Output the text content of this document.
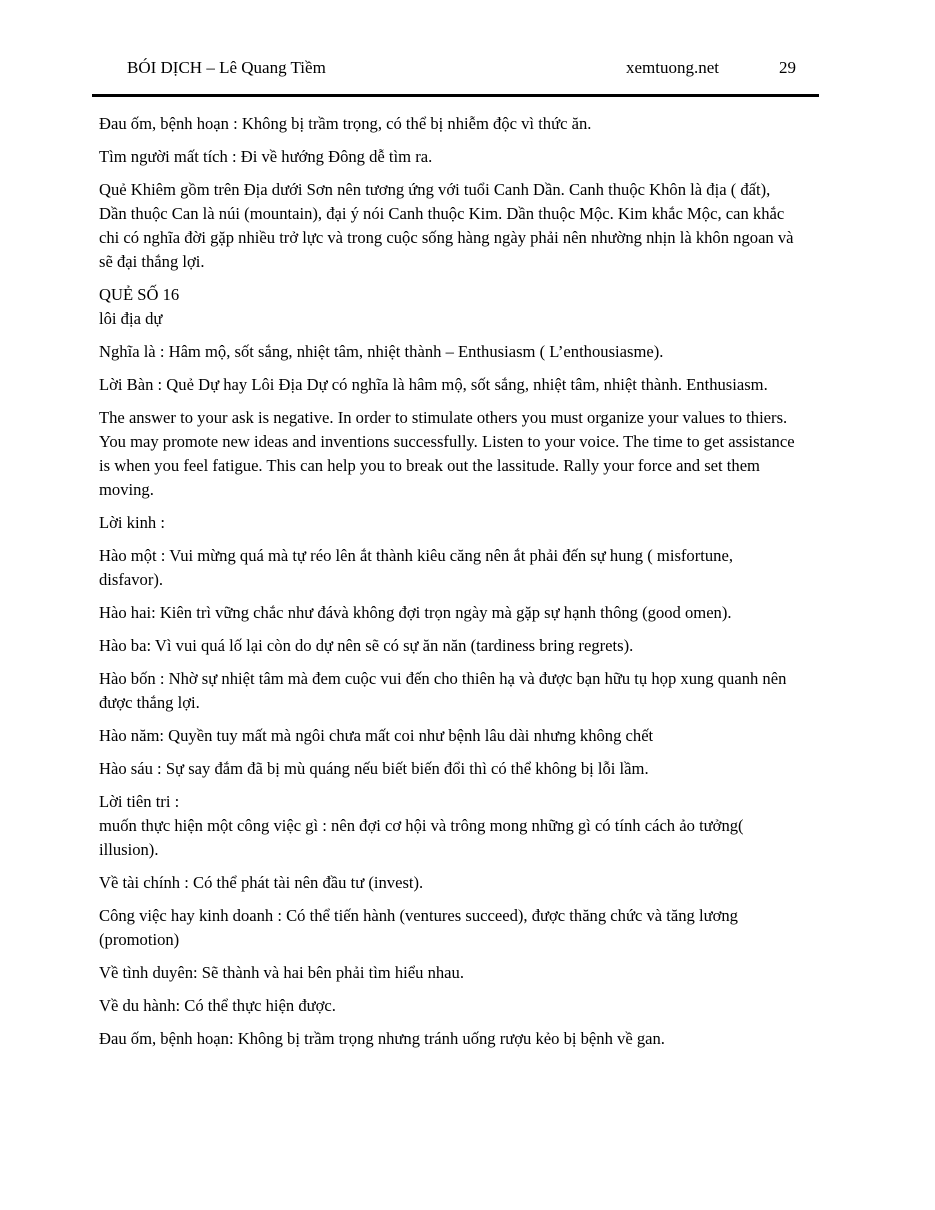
BÓI DỊCH – Lê Quang Tiềm	xemtuong.net	29

Đau ốm, bệnh hoạn : Không bị trầm trọng, có thể bị nhiễm độc vì thức ăn.

Tìm người mất tích : Đi về hướng Đông dễ tìm ra.

Quẻ Khiêm gồm trên Địa dưới Sơn nên tương ứng với tuổi Canh Dần. Canh thuộc Khôn là địa ( đất), Dần thuộc Can là núi (mountain), đại ý nói Canh thuộc Kim. Dần thuộc Mộc. Kim khắc Mộc, can khắc chi có nghĩa đời gặp nhiều trở lực và trong cuộc sống hàng ngày phải nên nhường nhịn là khôn ngoan và sẽ đại thắng lợi.

QUẺ SỐ 16

lôi địa dự

Nghĩa là : Hâm mộ, sốt sắng, nhiệt tâm, nhiệt thành – Enthusiasm ( L’enthousiasme).

Lời Bàn : Quẻ Dự hay Lôi Địa Dự có nghĩa là hâm mộ, sốt sắng, nhiệt tâm, nhiệt thành. Enthusiasm.

The answer to your ask is negative. In order to stimulate others you must organize your values to thiers. You may promote new ideas and inventions successfully. Listen to your voice. The time to get assistance is when you feel fatigue. This can help you to break out the lassitude. Rally your force and set them moving.

Lời kinh :

Hào một : Vui mừng quá mà tự réo lên ắt thành kiêu căng nên ắt phải đến sự hung ( misfortune, disfavor).

Hào hai: Kiên trì vững chắc như đávà không đợi trọn ngày mà gặp sự hạnh thông (good omen).

Hào ba: Vì vui quá lố lại còn do dự nên sẽ có sự ăn năn (tardiness bring regrets).

Hào bốn : Nhờ sự nhiệt tâm mà đem cuộc vui đến cho thiên hạ và được bạn hữu tụ họp xung quanh nên được thắng lợi.

Hào năm: Quyền tuy mất mà ngôi chưa mất coi như bệnh lâu dài nhưng không chết

Hào sáu : Sự say đắm đã bị mù quáng nếu biết biến đổi thì có thể không bị lỗi lầm.

Lời tiên tri :

muốn thực hiện một công việc gì : nên đợi cơ hội và trông mong những gì có tính cách ảo tưởng( illusion).

Về tài chính : Có thể phát tài nên đầu tư (invest).

Công việc hay kinh doanh : Có thể tiến hành (ventures succeed), được thăng chức và tăng lương (promotion)

Về tình duyên: Sẽ thành và hai bên phải tìm hiểu nhau.

Về du hành: Có thể thực hiện được.

Đau ốm, bệnh hoạn: Không bị trầm trọng nhưng tránh uống rượu kẻo bị bệnh về gan.
